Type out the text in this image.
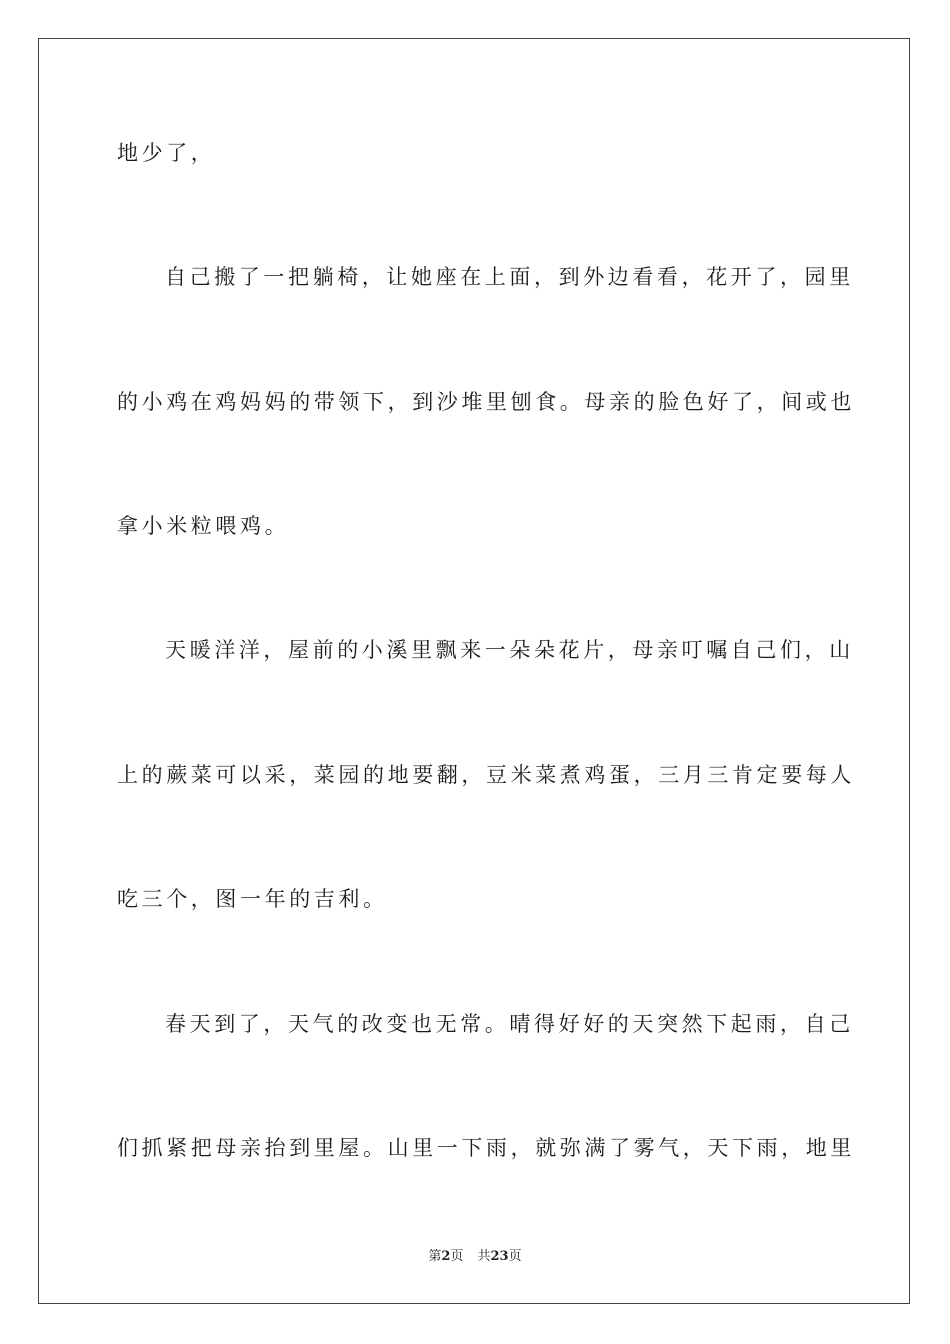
地少了，
自己搬了一把躺椅，让她座在上面，到外边看看，花开了，园里
的小鸡在鸡妈妈的带领下，到沙堆里刨食。母亲的脸色好了，间或也
拿小米粒喂鸡。
天暖洋洋，屋前的小溪里飘来一朵朵花片，母亲叮嘱自己们，山
上的蕨菜可以采，菜园的地要翻，豆米菜煮鸡蛋，三月三肯定要每人
吃三个，图一年的吉利。
春天到了，天气的改变也无常。晴得好好的天突然下起雨，自己
们抓紧把母亲抬到里屋。山里一下雨，就弥满了雾气，天下雨，地里
第2页 共23页
